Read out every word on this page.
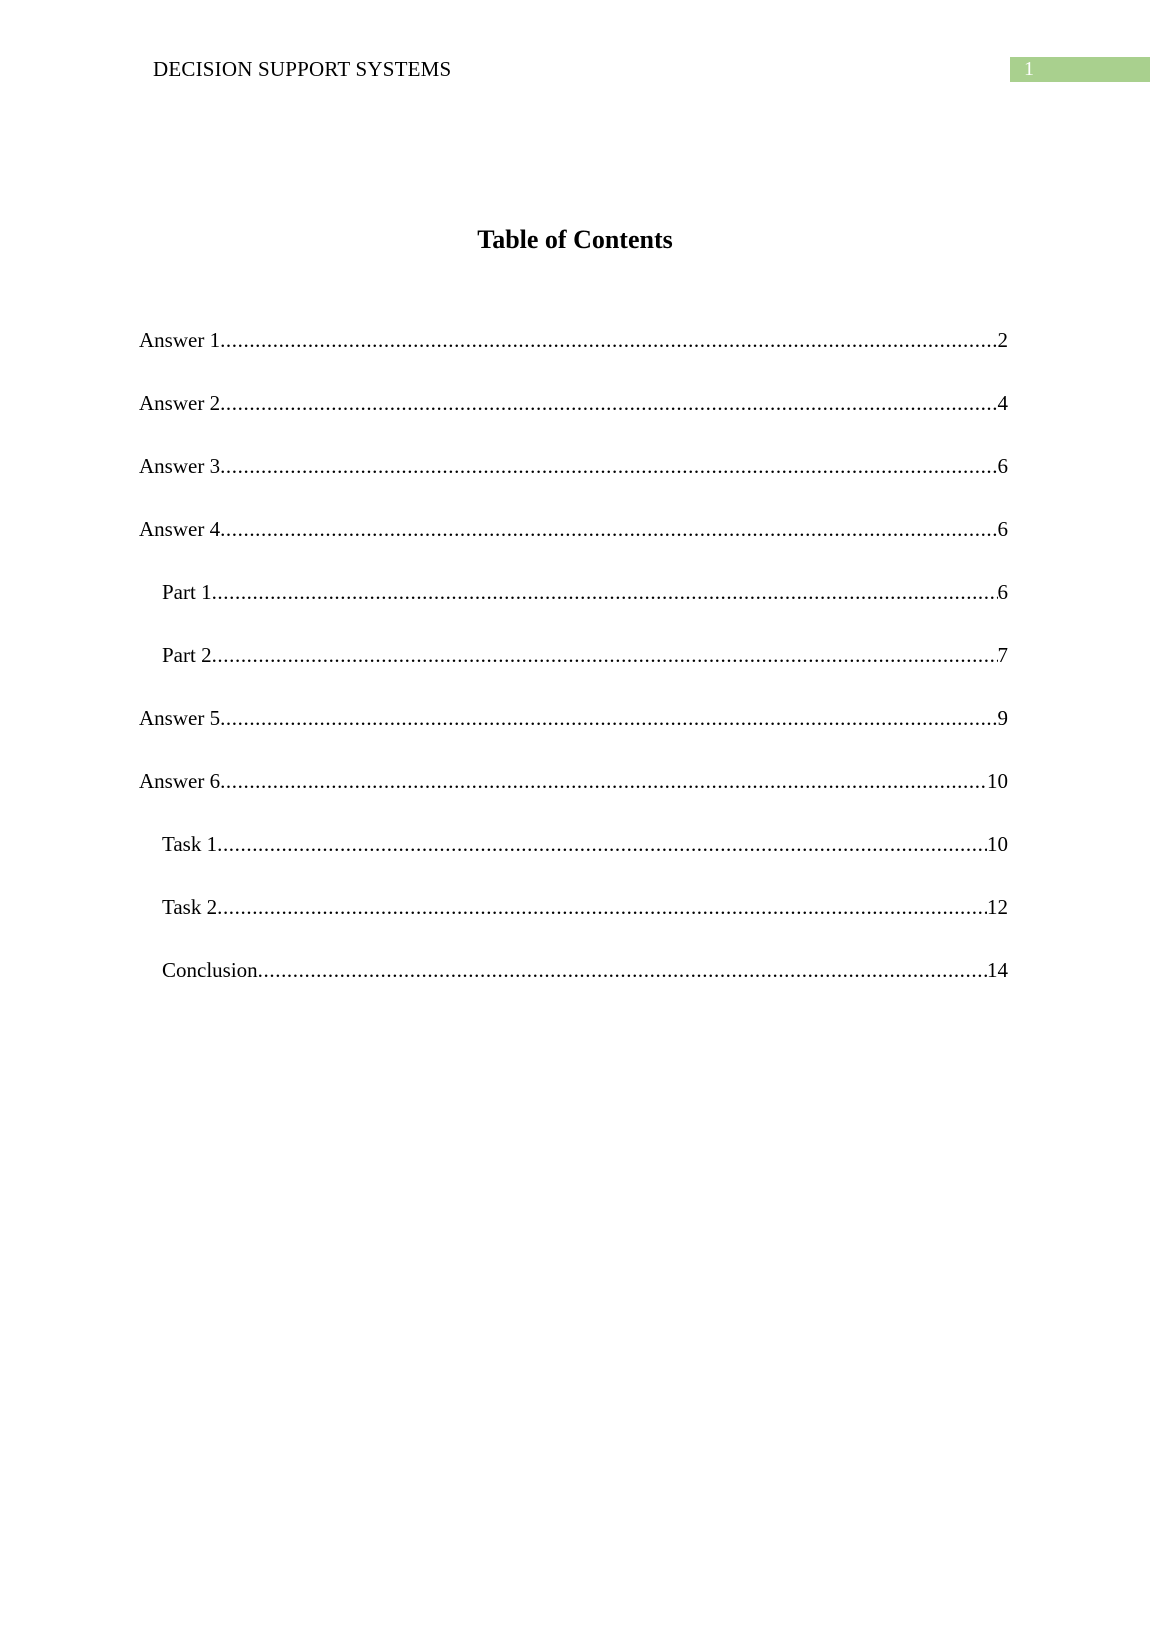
DECISION SUPPORT SYSTEMS	1
Table of Contents
Answer 1 .....	2
Answer 2 .....	4
Answer 3 .....	6
Answer 4 .....	6
Part 1 .....	6
Part 2 .....	7
Answer 5 .....	9
Answer 6 .....	10
Task 1 .....	10
Task 2 .....	12
Conclusion .....	14
